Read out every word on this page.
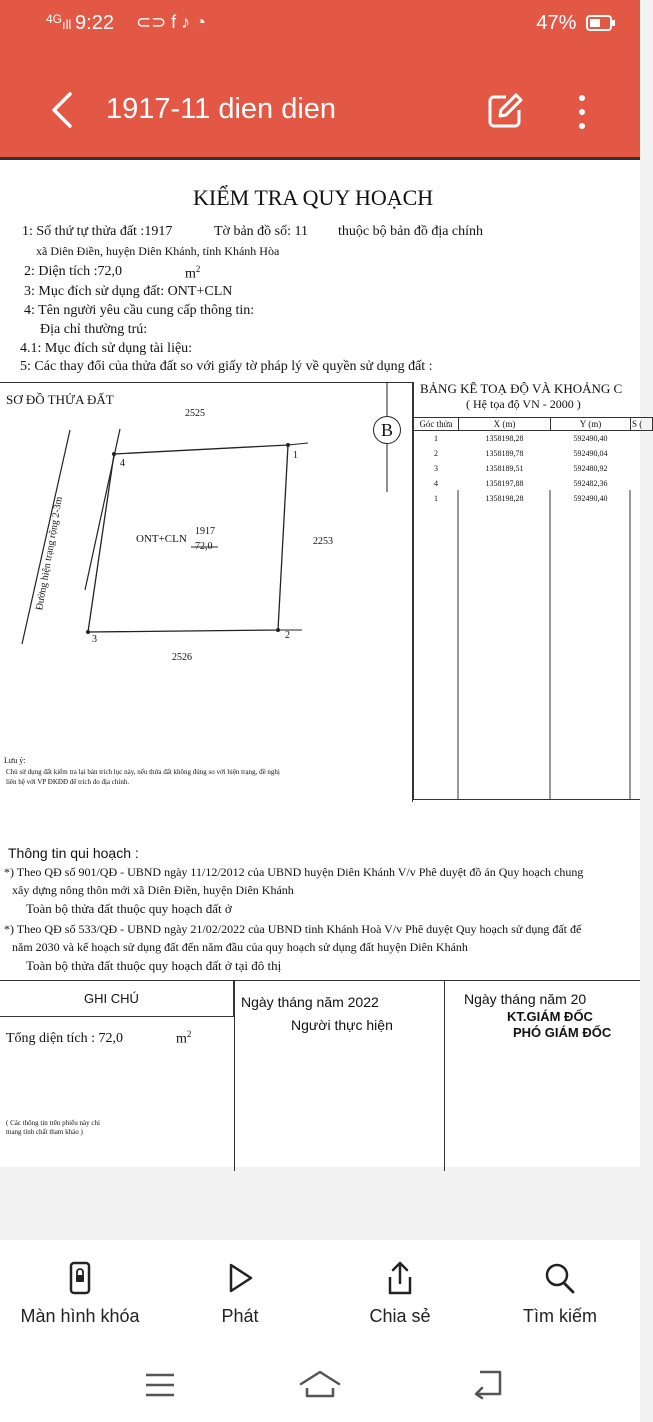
$^{4G}$ıll 9:22 ⊂⊃ f ♪ ◔	47%
1917-11 dien dien
KIỂM TRA QUY HOẠCH
1: Số thứ tự thửa đất :1917	Tờ bản đồ số: 11 thuộc bộ bản đồ địa chính
xã Diên Điền, huyện Diên Khánh, tỉnh Khánh Hòa
2: Diện tích :72,0	$m^2$
3: Mục đích sử dụng đất: ONT+CLN
4: Tên người yêu cầu cung cấp thông tin:
Địa chỉ thường trú:
4.1: Mục đích sử dụng tài liệu:
5: Các thay đổi của thửa đất so với giấy tờ pháp lý về quyền sử dụng đất :
SƠ ĐỒ THỬA ĐẤT
2525
2253
2526
Đường hiện trạng rộng 2-3m
1
2
3
4
ONT+CLN
1917
72,0
B
Lưu ý:
Chủ sử dụng đất kiểm tra lại bản trích lục này, nếu thửa đất không đúng so với hiện trạng, đề nghị
liên hệ với VP ĐKĐĐ để trích đo địa chính.
BẢNG KÊ TOẠ ĐỘ VÀ KHOẢNG C
( Hệ tọa độ VN - 2000 )
Góc thửa	X (m)	Y (m)	S (
1	1358198,28	592490,40	
2	1358189,78	592490,04	
3	1358189,51	592480,92	
4	1358197,88	592482,36	
1	1358198,28	592490,40	
Thông tin qui hoạch :
*) Theo QĐ số 901/QĐ - UBND ngày 11/12/2012 của UBND huyện Diên Khánh V/v Phê duyệt đồ án Quy hoạch chung
xây dựng nông thôn mới xã Diên Điền, huyện Diên Khánh
Toàn bộ thửa đất thuộc quy hoạch đất ở
*) Theo QĐ số 533/QĐ - UBND ngày 21/02/2022 của UBND tỉnh Khánh Hoà V/v Phê duyệt Quy hoạch sử dụng đất đế
năm 2030 và kế hoạch sử dụng đất đến năm đầu của quy hoạch sử dụng đất huyện Diên Khánh
Toàn bộ thửa đất thuộc quy hoạch đất ở tại đô thị
GHI CHÚ
Tổng diện tích : 72,0	$m^2$
( Các thông tin trên phiếu này chỉ
mang tính chất tham khảo )
Ngày tháng năm 2022
Người thực hiện
Ngày tháng năm 20
KT.GIÁM ĐỐC
PHÓ GIÁM ĐỐC
Màn hình khóa	Phát	Chia sẻ	Tìm kiếm
